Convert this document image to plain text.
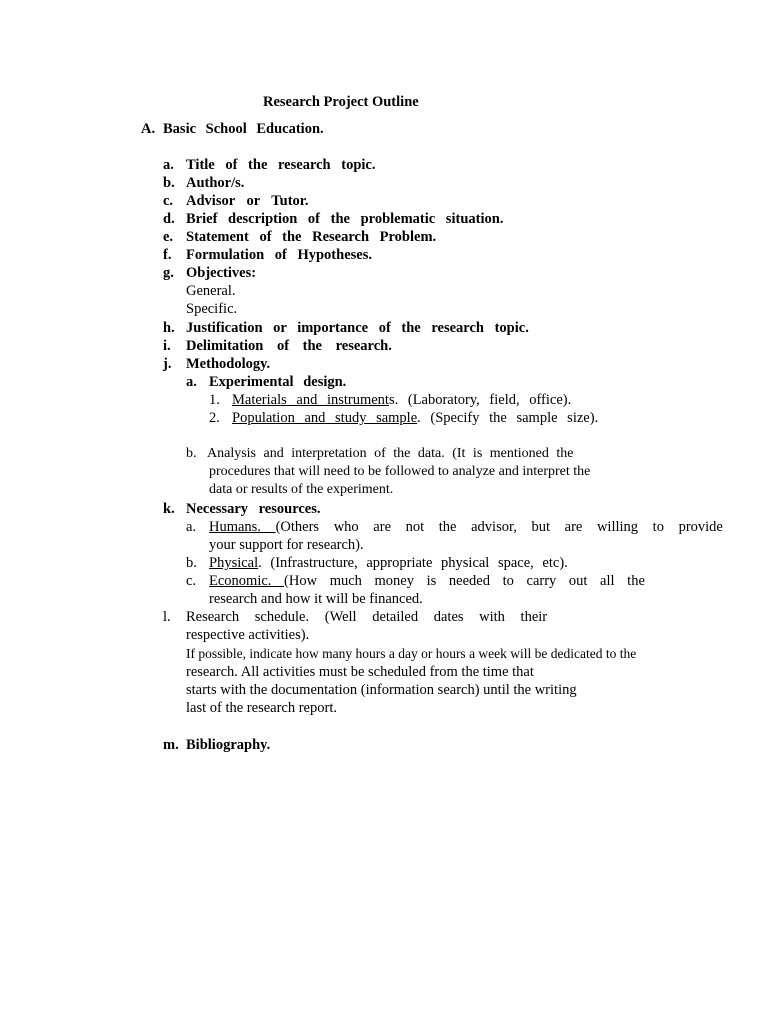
Research Project Outline
A. Basic School Education.
a. Title of the research topic.
b. Author/s.
c. Advisor or Tutor.
d. Brief description of the problematic situation.
e. Statement of the Research Problem.
f. Formulation of Hypotheses.
g. Objectives:
General.
Specific.
h. Justification or importance of the research topic.
i. Delimitation of the research.
j. Methodology.
a. Experimental design.
1. Materials and instruments. (Laboratory, field, office).
2. Population and study sample. (Specify the sample size).
b. Analysis and interpretation of the data. (It is mentioned the
procedures that will need to be followed to analyze and interpret the
data or results of the experiment.
k. Necessary resources.
a. Humans. (Others who are not the advisor, but are willing to provide
your support for research).
b. Physical. (Infrastructure, appropriate physical space, etc).
c. Economic. (How much money is needed to carry out all the
research and how it will be financed.
l. Research schedule. (Well detailed dates with their
respective activities).
If possible, indicate how many hours a day or hours a week will be dedicated to the
research. All activities must be scheduled from the time that
starts with the documentation (information search) until the writing
last of the research report.
m. Bibliography.
